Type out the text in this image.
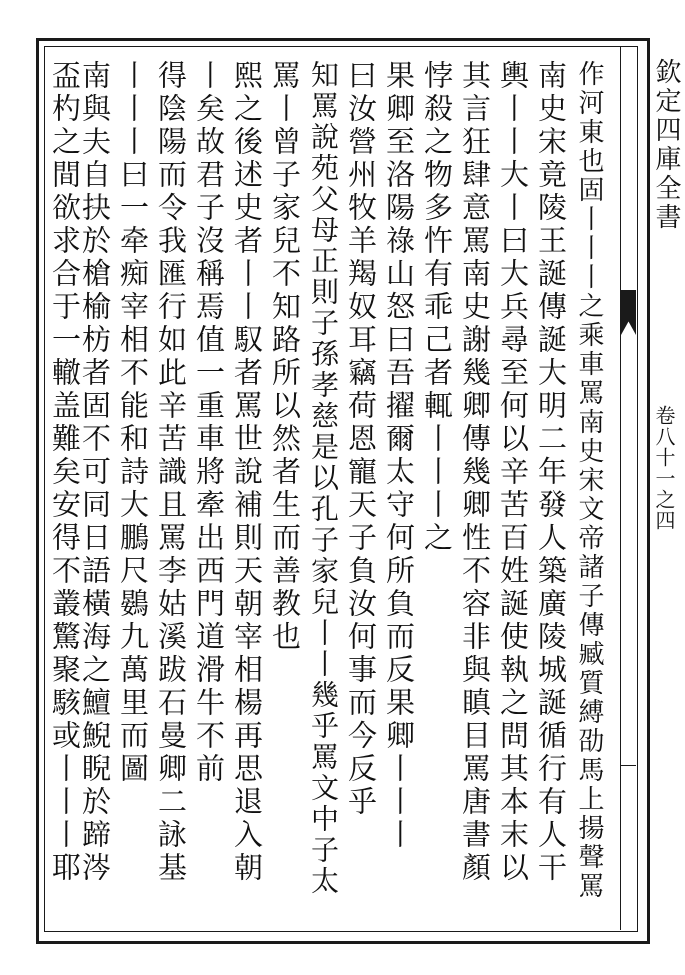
欽定四庫全書
卷八十一之四
作河東也固丨丨丨之乘車罵南史宋文帝諸子傳臧質縛劭馬上揚聲罵
南史宋竟陵王誕傳誕大明二年發人築廣陵城誕循行有人干
輿丨丨大丨曰大兵尋至何以辛苦百姓誕使執之問其本末以
其言狂肆意罵南史謝幾卿傳幾卿性不容非與瞋目罵唐書顏
悖殺之物多忤有乖己者輒丨丨丨之
果卿至洛陽祿山怒曰吾擢爾太守何所負而反果卿丨丨丨
曰汝營州牧羊羯奴耳竊荷恩寵天子負汝何事而今反乎
知罵說苑父母正則子孫孝慈是以孔子家兒丨丨幾乎罵文中子太
罵丨曾子家兒不知路所以然者生而善教也
熙之後述史者丨丨馭者罵世說補則天朝宰相楊再思退入朝
丨矣故君子沒稱焉值一重車將牽出西門道滑牛不前
得陰陽而令我匯行如此辛苦識且罵李姑溪跋石曼卿二詠基
丨丨丨曰一牵痴宰相不能和詩大鵬尺鷃九萬里而圖
南與夫自抉於槍榆枋者固不可同日語橫海之鱣鯢睨於蹄涔
盃杓之間欲求合于一轍盖難矣安得不叢驚聚駭或丨丨丨耶
